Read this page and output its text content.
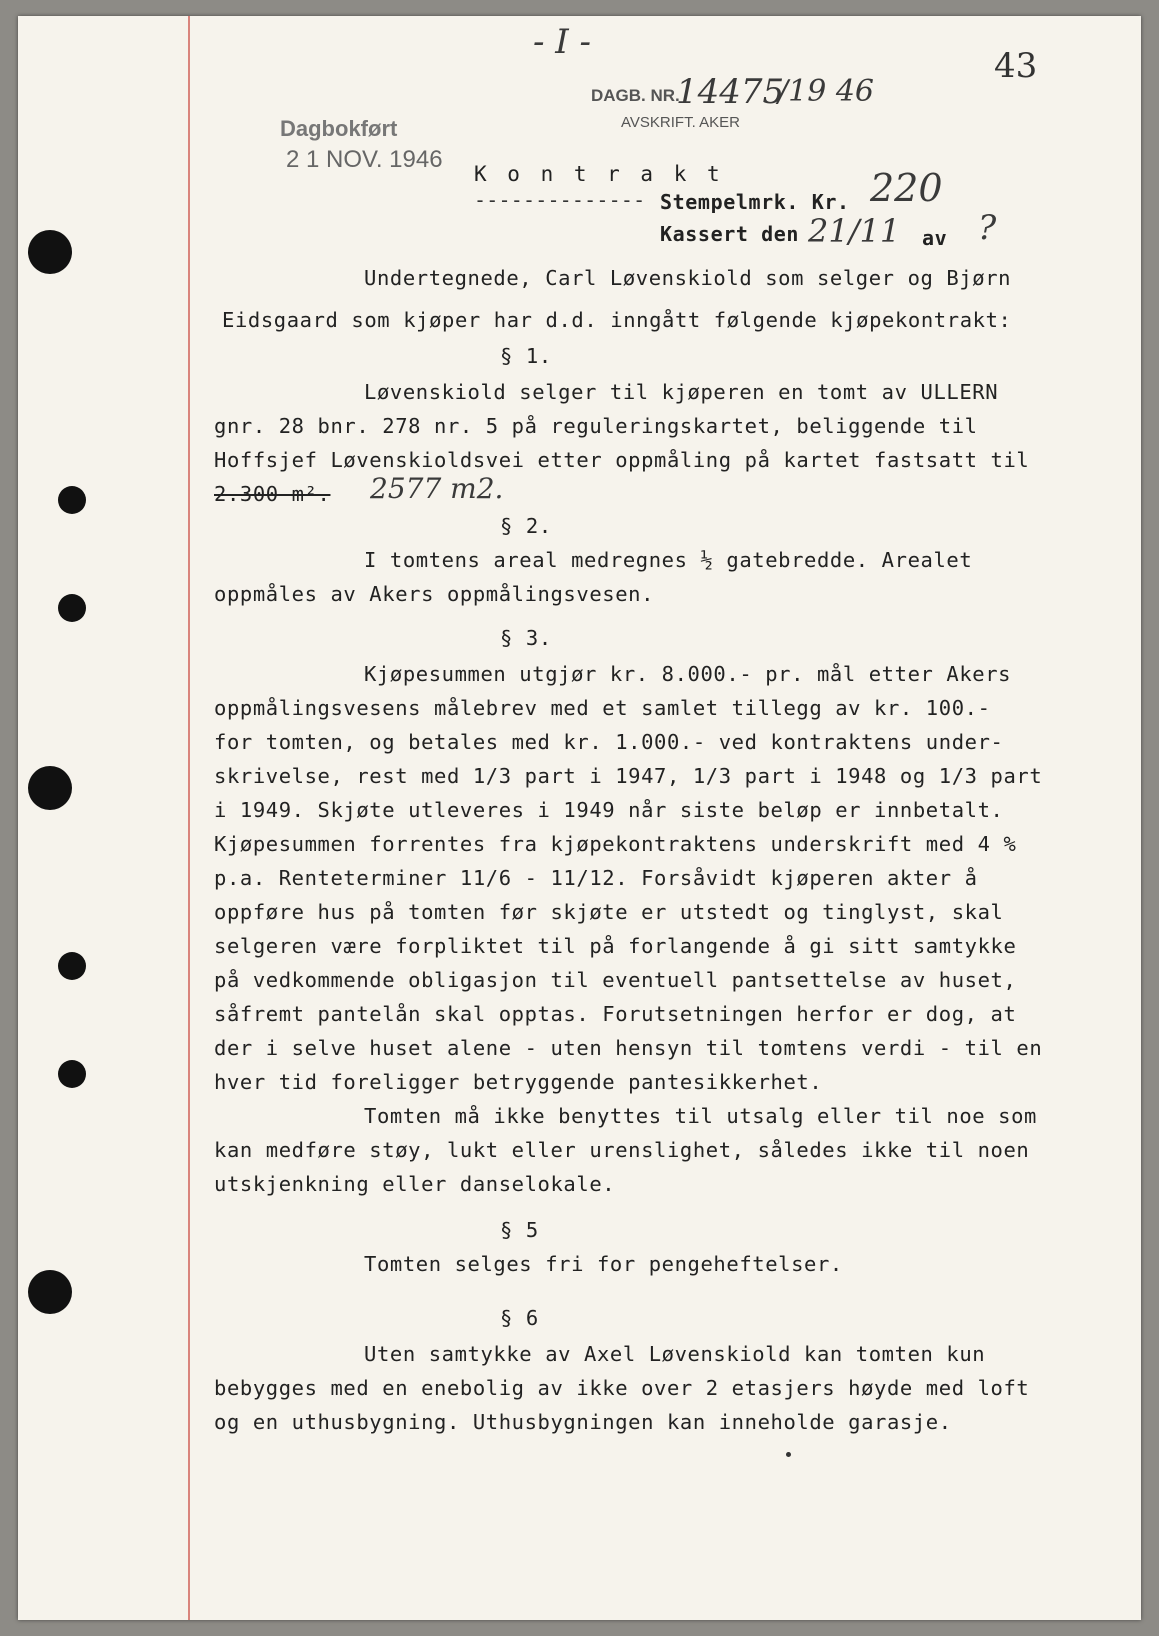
- I -
43
DAGB. NR.
14475
/19 46
AVSKRIFT. AKER
Dagbokført
2 1 NOV. 1946
K o n t r a k t
-------------- Stempelmrk. Kr. 220
Kassert den 21/11 av ?
Undertegnede, Carl Løvenskiold som selger og Bjørn
Eidsgaard som kjøper har d.d. inngått følgende kjøpekontrakt:
§ 1.
Løvenskiold selger til kjøperen en tomt av ULLERN
gnr. 28 bnr. 278 nr. 5 på reguleringskartet, beliggende til
Hoffsjef Løvenskioldsvei etter oppmåling på kartet fastsatt til
2.300 m². 2577 m2.
§ 2.
I tomtens areal medregnes ½ gatebredde. Arealet
oppmåles av Akers oppmålingsvesen.
§ 3.
Kjøpesummen utgjør kr. 8.000.- pr. mål etter Akers
oppmålingsvesens målebrev med et samlet tillegg av kr. 100.-
for tomten, og betales med kr. 1.000.- ved kontraktens under-
skrivelse, rest med 1/3 part i 1947, 1/3 part i 1948 og 1/3 part
i 1949. Skjøte utleveres i 1949 når siste beløp er innbetalt.
Kjøpesummen forrentes fra kjøpekontraktens underskrift med 4 %
p.a. Renteterminer 11/6 - 11/12. Forsåvidt kjøperen akter å
oppføre hus på tomten før skjøte er utstedt og tinglyst, skal
selgeren være forpliktet til på forlangende å gi sitt samtykke
på vedkommende obligasjon til eventuell pantsettelse av huset,
såfremt pantelån skal opptas. Forutsetningen herfor er dog, at
der i selve huset alene - uten hensyn til tomtens verdi - til en
hver tid foreligger betryggende pantesikkerhet.
Tomten må ikke benyttes til utsalg eller til noe som
kan medføre støy, lukt eller urenslighet, således ikke til noen
utskjenkning eller danselokale.
§ 5
Tomten selges fri for pengeheftelser.
§ 6
Uten samtykke av Axel Løvenskiold kan tomten kun
bebygges med en enebolig av ikke over 2 etasjers høyde med loft
og en uthusbygning. Uthusbygningen kan inneholde garasje.
